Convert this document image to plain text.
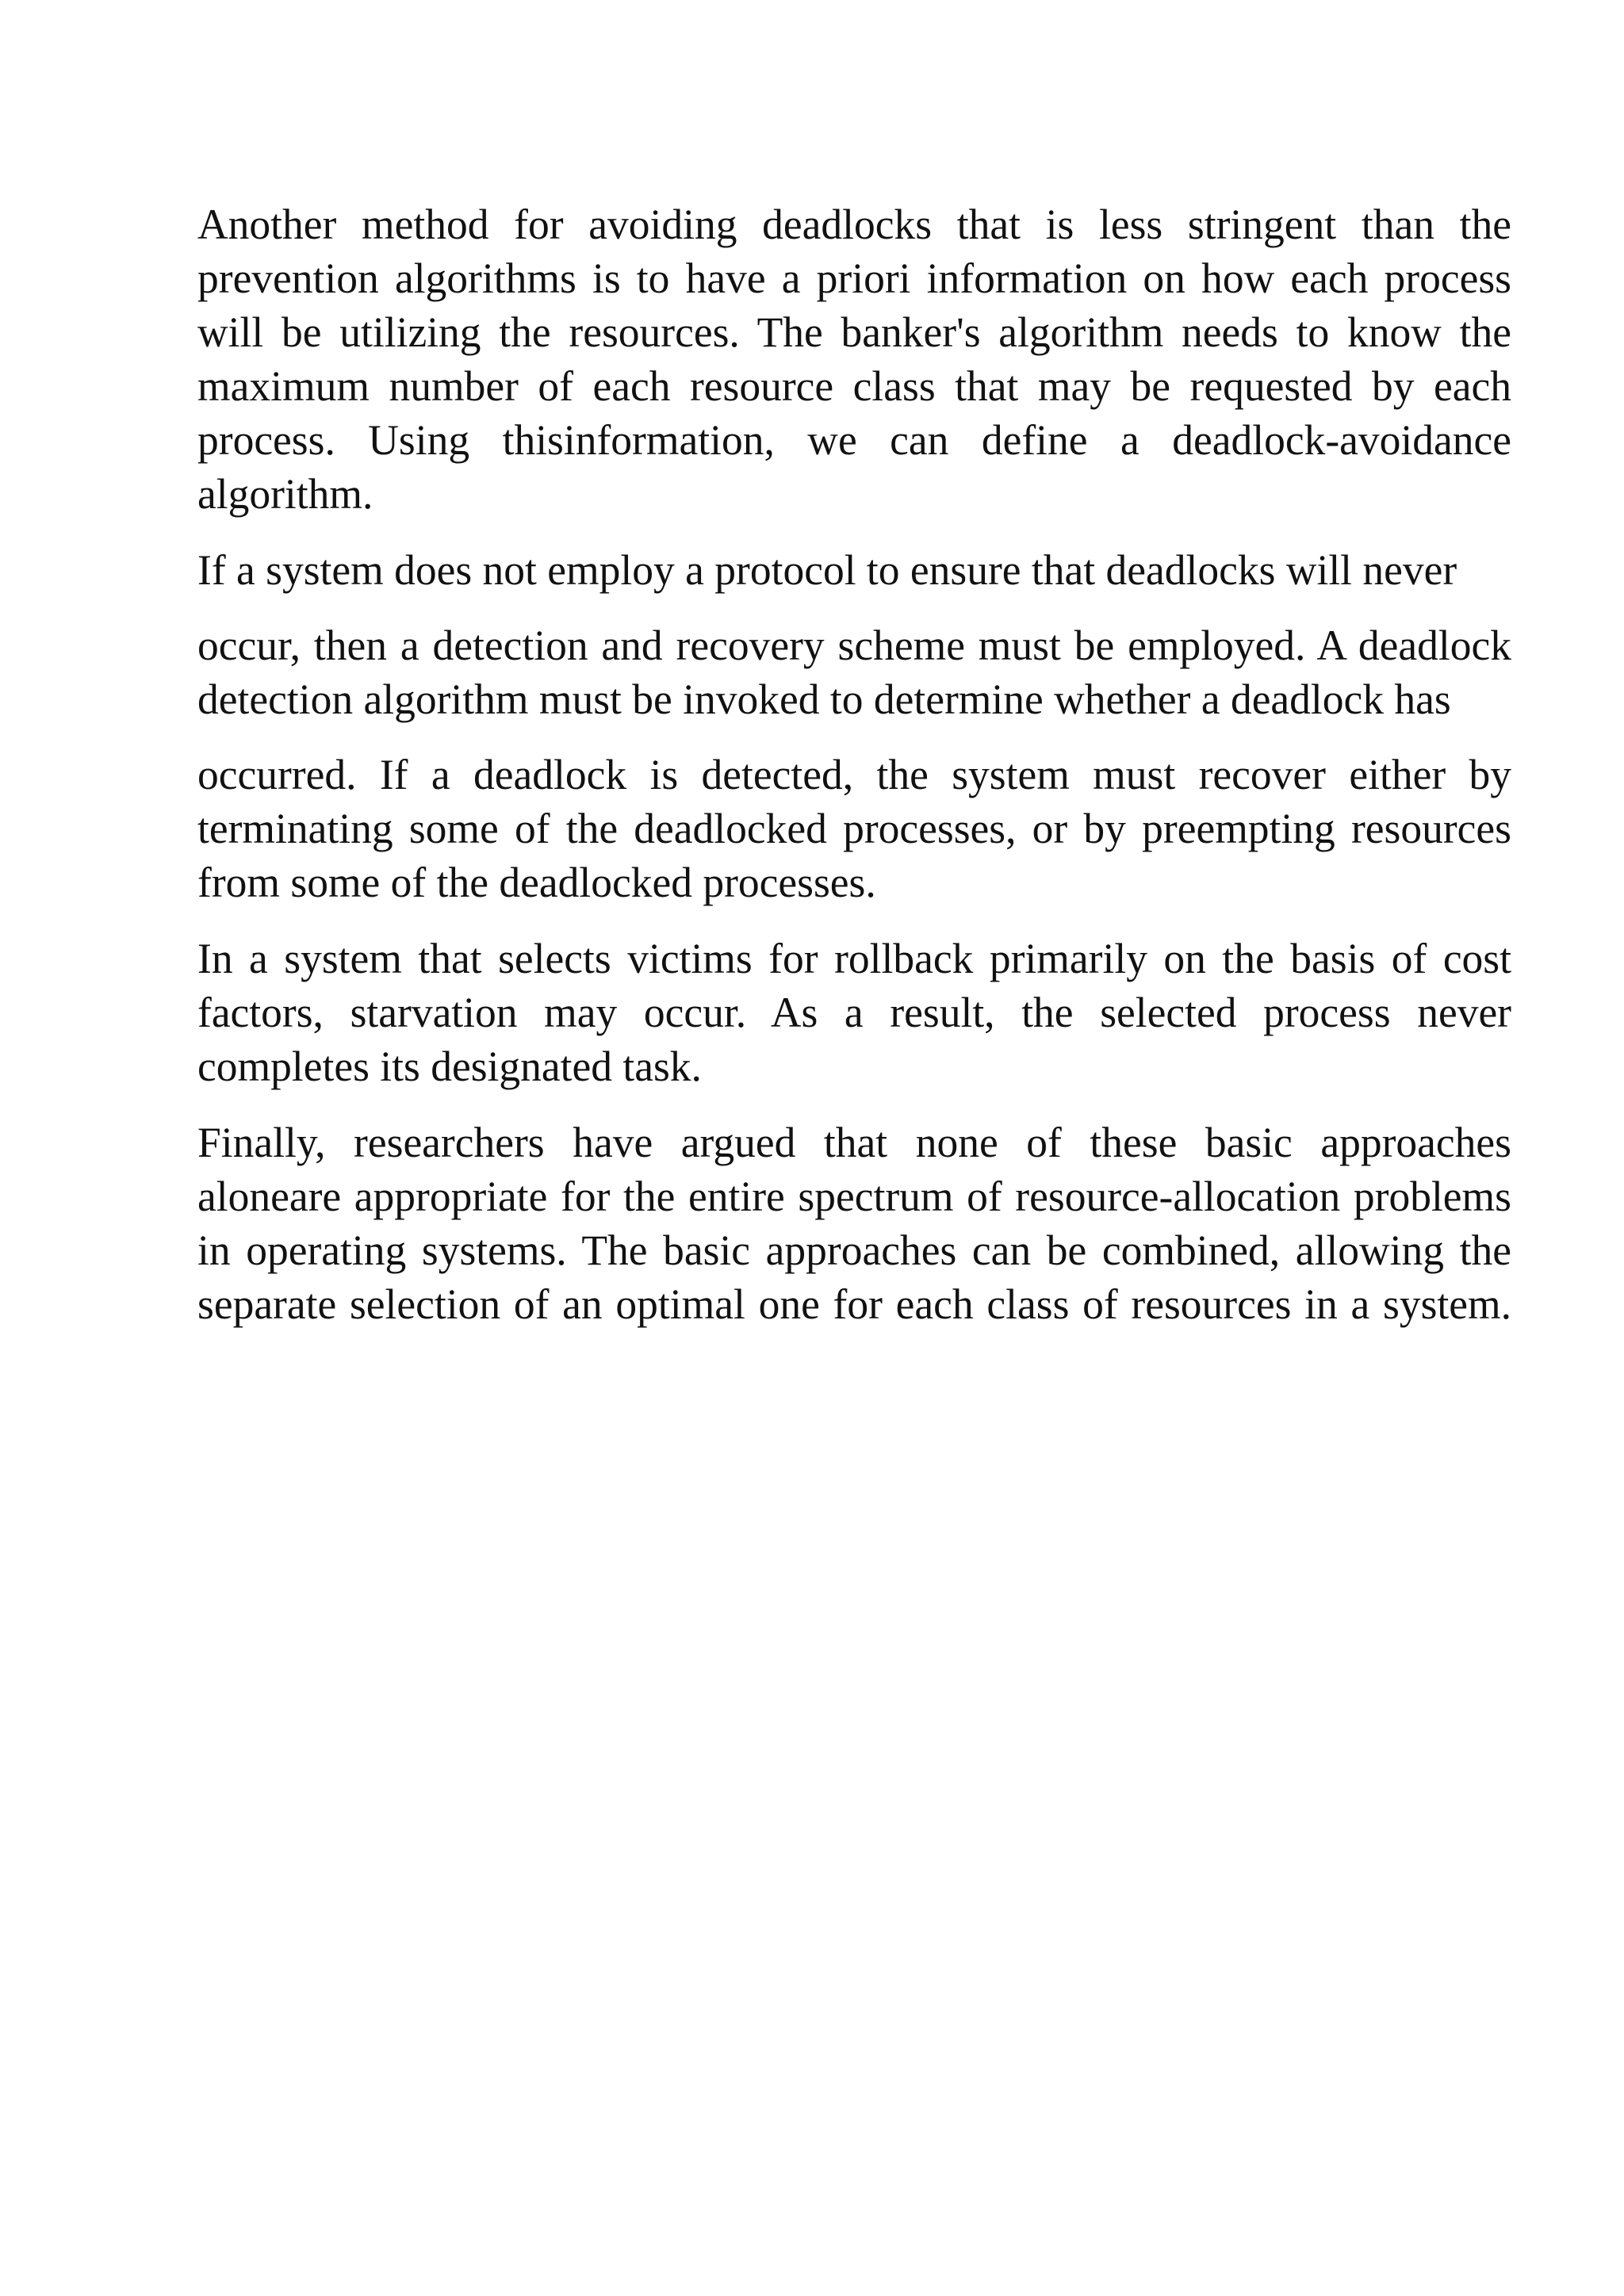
Another method for avoiding deadlocks that is less stringent than the
prevention algorithms is to have a priori information on how each process
will be utilizing the resources. The banker's algorithm needs to know the
maximum number of each resource class that may be requested by each
process. Using thisinformation, we can define a deadlock-avoidance
algorithm.
If a system does not employ a protocol to ensure that deadlocks will never
occur, then a detection and recovery scheme must be employed. A deadlock
detection algorithm must be invoked to determine whether a deadlock has
occurred. If a deadlock is detected, the system must recover either by
terminating some of the deadlocked processes, or by preempting resources
from some of the deadlocked processes.
In a system that selects victims for rollback primarily on the basis of cost
factors, starvation may occur. As a result, the selected process never
completes its designated task.
Finally, researchers have argued that none of these basic approaches
aloneare appropriate for the entire spectrum of resource-allocation problems
in operating systems. The basic approaches can be combined, allowing the
separate selection of an optimal one for each class of resources in a system.
